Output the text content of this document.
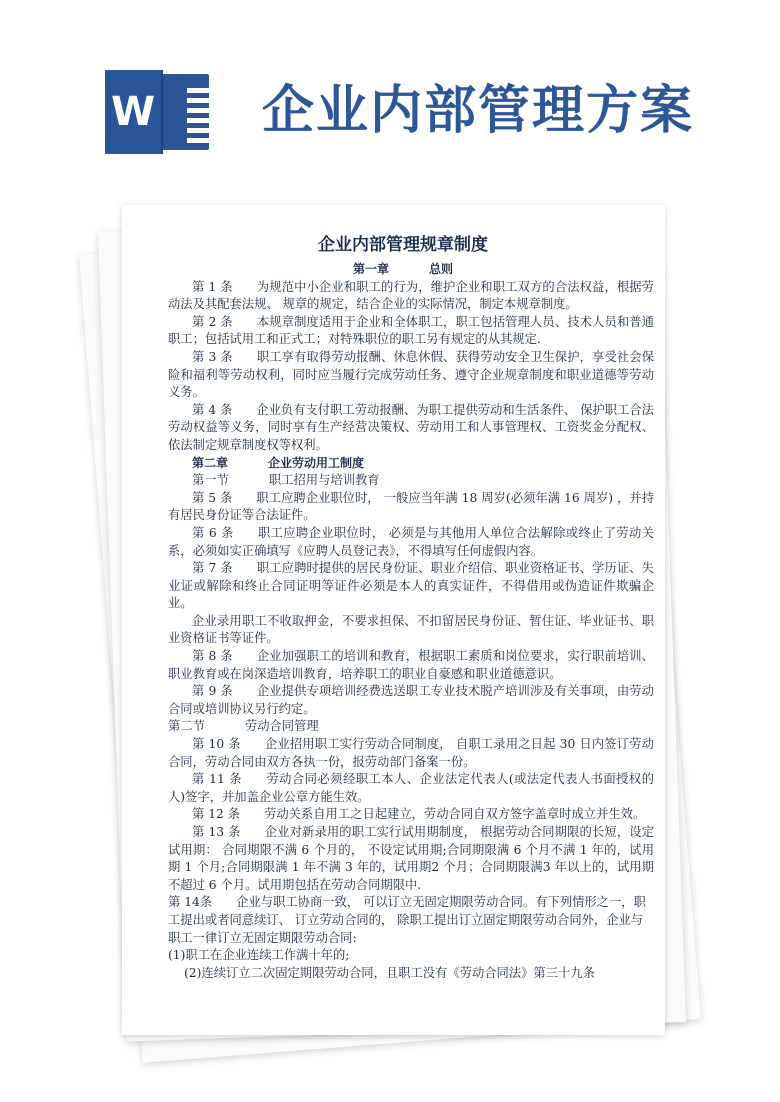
W 企业内部管理方案
企业内部管理规章制度
第一章	总则
第 1 条 为规范中小企业和职工的行为，维护企业和职工双方的合法权益，根据劳动法及其配套法规、 规章的规定，结合企业的实际情况，制定本规章制度。
第 2 条 本规章制度适用于企业和全体职工，职工包括管理人员、技术人员和普通职工；包括试用工和正式工；对特殊职位的职工另有规定的从其规定.
第 3 条 职工享有取得劳动报酬、休息休假、获得劳动安全卫生保护，享受社会保险和福利等劳动权利，同时应当履行完成劳动任务、遵守企业规章制度和职业道德等劳动义务。
第 4 条 企业负有支付职工劳动报酬、为职工提供劳动和生活条件、 保护职工合法劳动权益等义务，同时享有生产经营决策权、劳动用工和人事管理权、工资奖金分配权、依法制定规章制度权等权利。
第二章	企业劳动用工制度
第一节	职工招用与培训教育
第 5 条 职工应聘企业职位时， 一般应当年满 18 周岁(必须年满 16 周岁) ，并持有居民身份证等合法证件。
第 6 条 职工应聘企业职位时， 必须是与其他用人单位合法解除或终止了劳动关系，必须如实正确填写《应聘人员登记表》，不得填写任何虚假内容。
第 7 条 职工应聘时提供的居民身份证、职业介绍信、职业资格证书、学历证、失业证或解除和终止合同证明等证件必须是本人的真实证件，不得借用或伪造证件欺骗企业。
企业录用职工不收取押金，不要求担保、不扣留居民身份证、暂住证、毕业证书、职业资格证书等证件。
第 8 条 企业加强职工的培训和教育，根据职工素质和岗位要求，实行职前培训、职业教育或在岗深造培训教育，培养职工的职业自豪感和职业道德意识。
第 9 条 企业提供专项培训经费选送职工专业技术脱产培训涉及有关事项，由劳动合同或培训协议另行约定。
第二节	劳动合同管理
第 10 条 企业招用职工实行劳动合同制度， 自职工录用之日起 30 日内签订劳动合同，劳动合同由双方各执一份，报劳动部门备案一份。
第 11 条 劳动合同必须经职工本人、企业法定代表人(或法定代表人书面授权的人)签字，并加盖企业公章方能生效。
第 12 条 劳动关系自用工之日起建立，劳动合同自双方签字盖章时成立并生效。
第 13 条 企业对新录用的职工实行试用期制度， 根据劳动合同期限的长短，设定试用期： 合同期限不满 6 个月的， 不设定试用期;合同期限满 6 个月不满 1 年的，试用期 1 个月;合同期限满 1 年不满 3 年的，试用期2 个月；合同期限满3 年以上的，试用期不超过 6 个月。试用期包括在劳动合同期限中.
第 14条 企业与职工协商一致， 可以订立无固定期限劳动合同。有下列情形之一，职工提出或者同意续订、 订立劳动合同的， 除职工提出订立固定期限劳动合同外，企业与职工一律订立无固定期限劳动合同:
(1)职工在企业连续工作满十年的;
(2)连续订立二次固定期限劳动合同，且职工没有《劳动合同法》第三十九条
